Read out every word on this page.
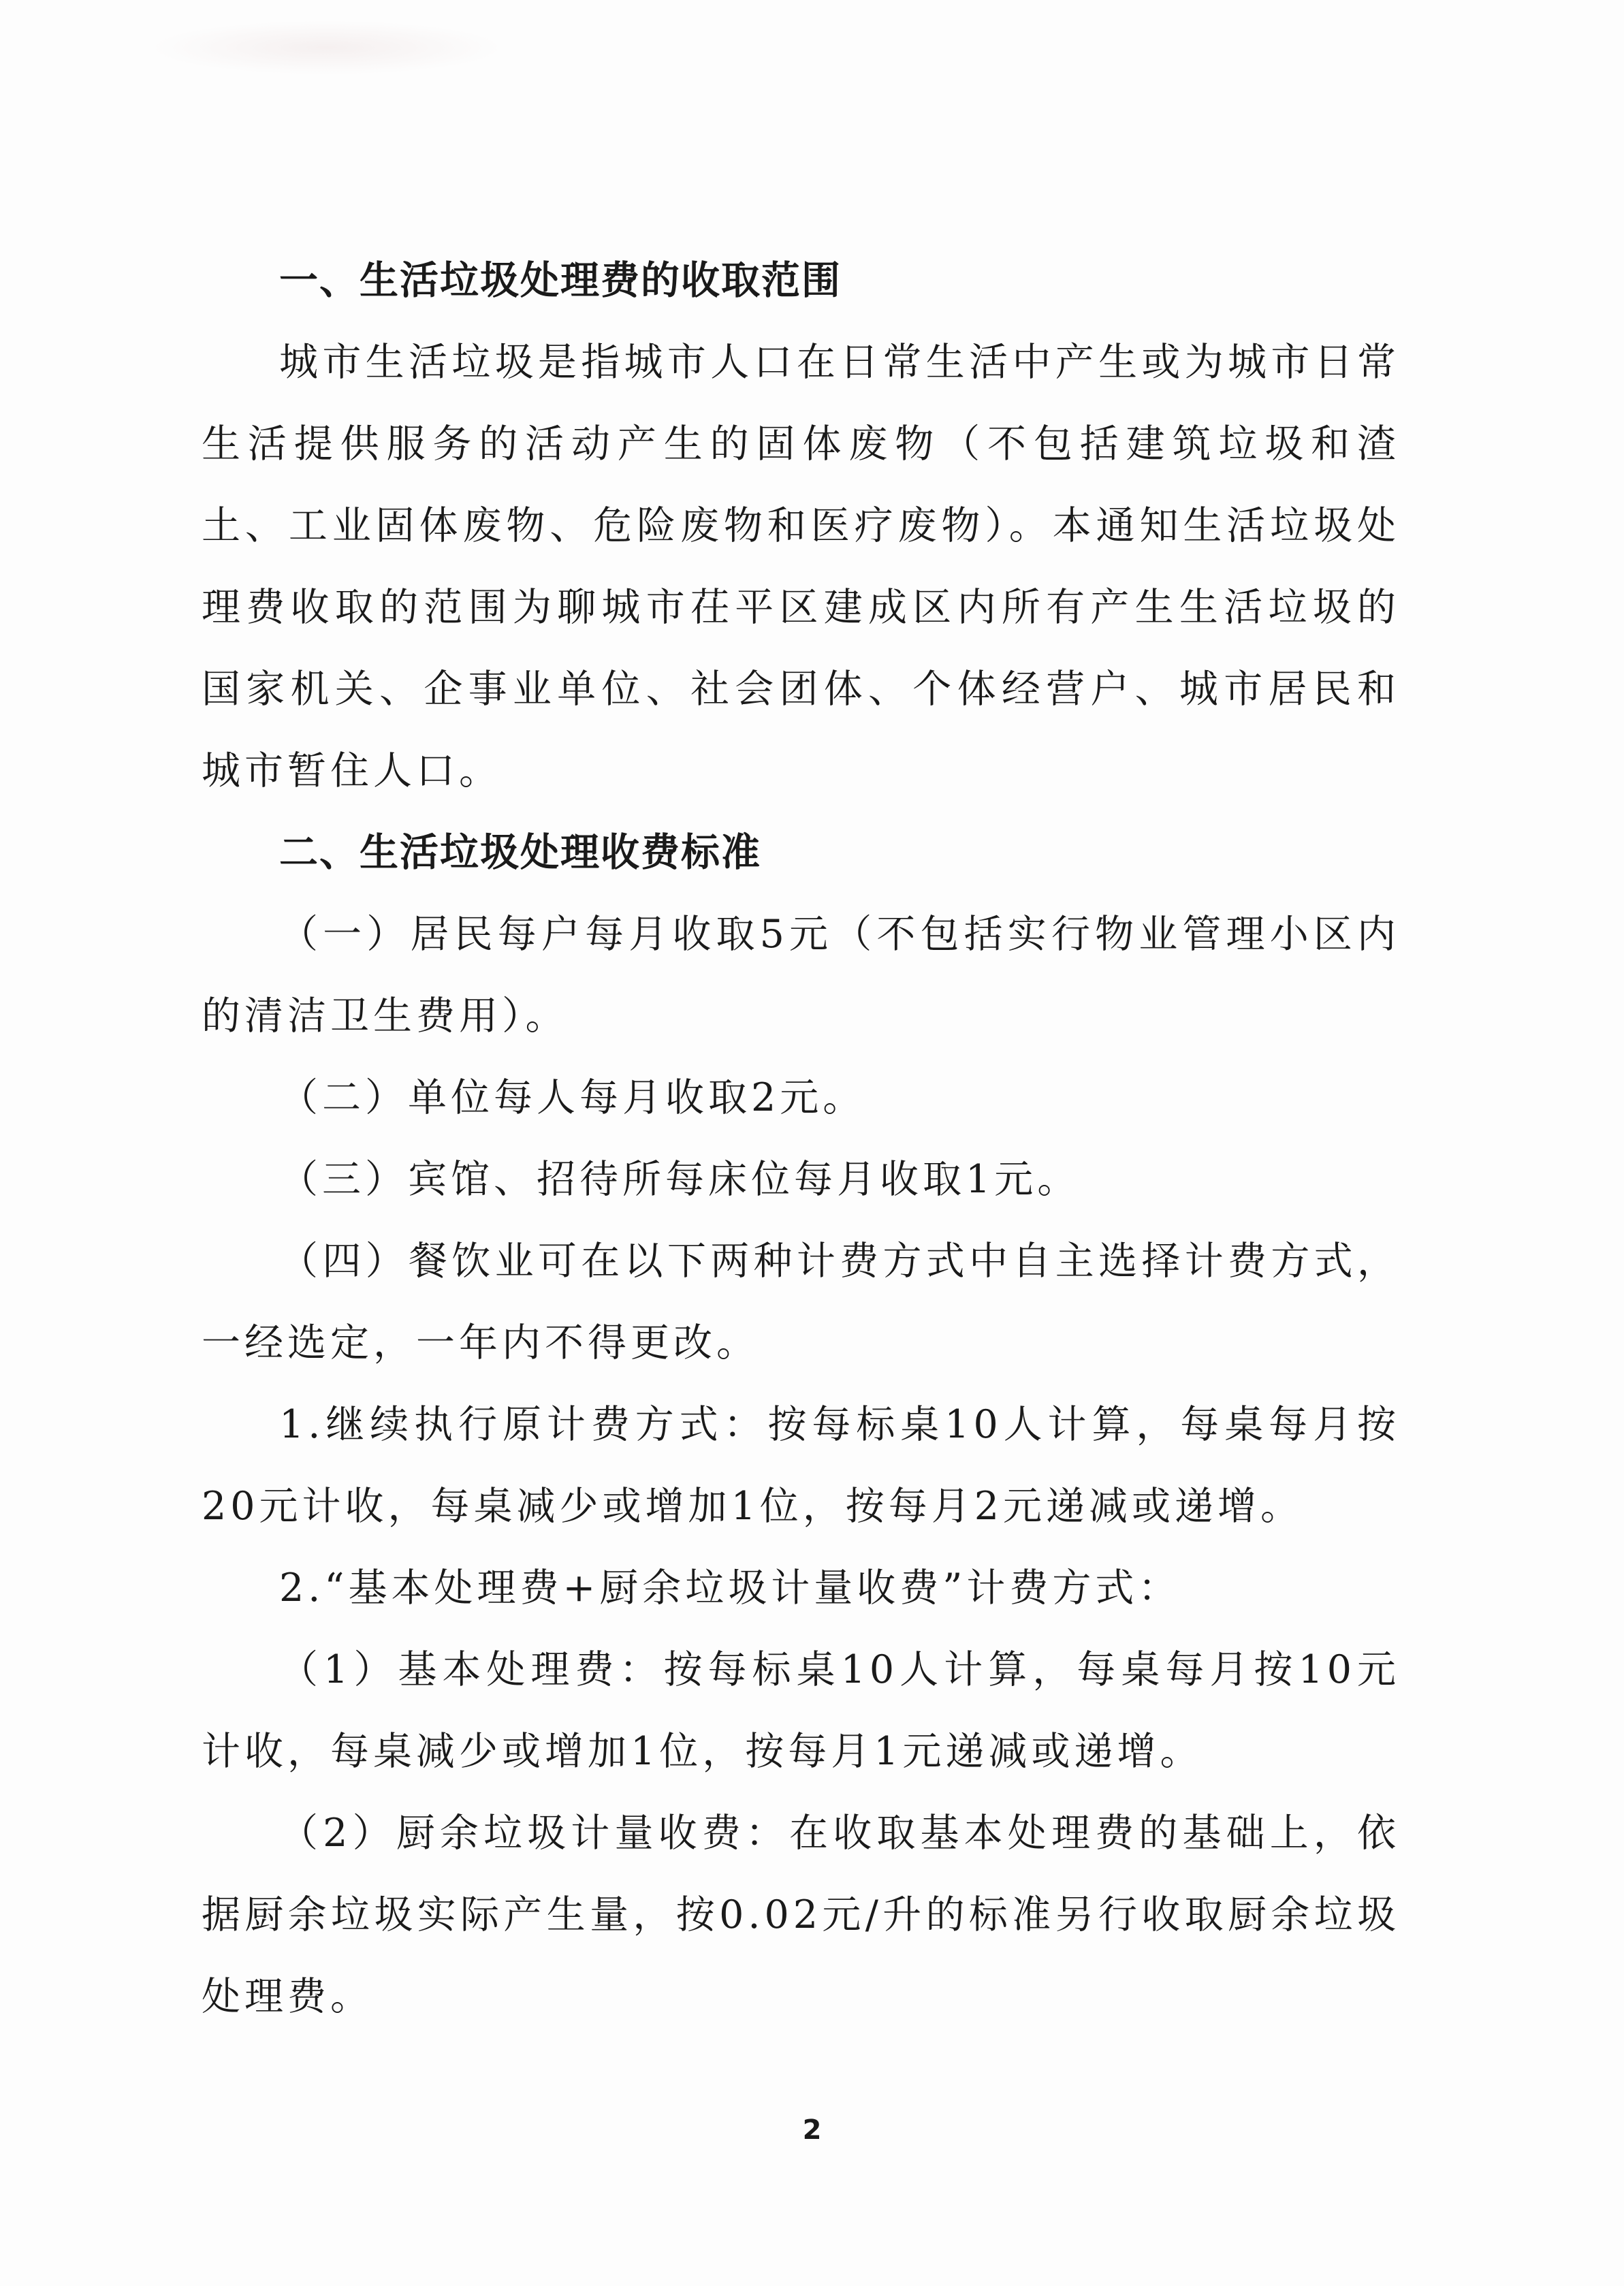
一、生活垃圾处理费的收取范围

城市生活垃圾是指城市人口在日常生活中产生或为城市日常生活提供服务的活动产生的固体废物（不包括建筑垃圾和渣土、工业固体废物、危险废物和医疗废物）。本通知生活垃圾处理费收取的范围为聊城市茌平区建成区内所有产生生活垃圾的国家机关、企事业单位、社会团体、个体经营户、城市居民和城市暂住人口。

二、生活垃圾处理收费标准

（一）居民每户每月收取5元（不包括实行物业管理小区内的清洁卫生费用）。

（二）单位每人每月收取2元。

（三）宾馆、招待所每床位每月收取1元。

（四）餐饮业可在以下两种计费方式中自主选择计费方式，一经选定，一年内不得更改。

1.继续执行原计费方式：按每标桌10人计算，每桌每月按20元计收，每桌减少或增加1位，按每月2元递减或递增。

2.“基本处理费+厨余垃圾计量收费”计费方式：

（1）基本处理费：按每标桌10人计算，每桌每月按10元计收，每桌减少或增加1位，按每月1元递减或递增。

（2）厨余垃圾计量收费：在收取基本处理费的基础上，依据厨余垃圾实际产生量，按0.02元/升的标准另行收取厨余垃圾处理费。

2
